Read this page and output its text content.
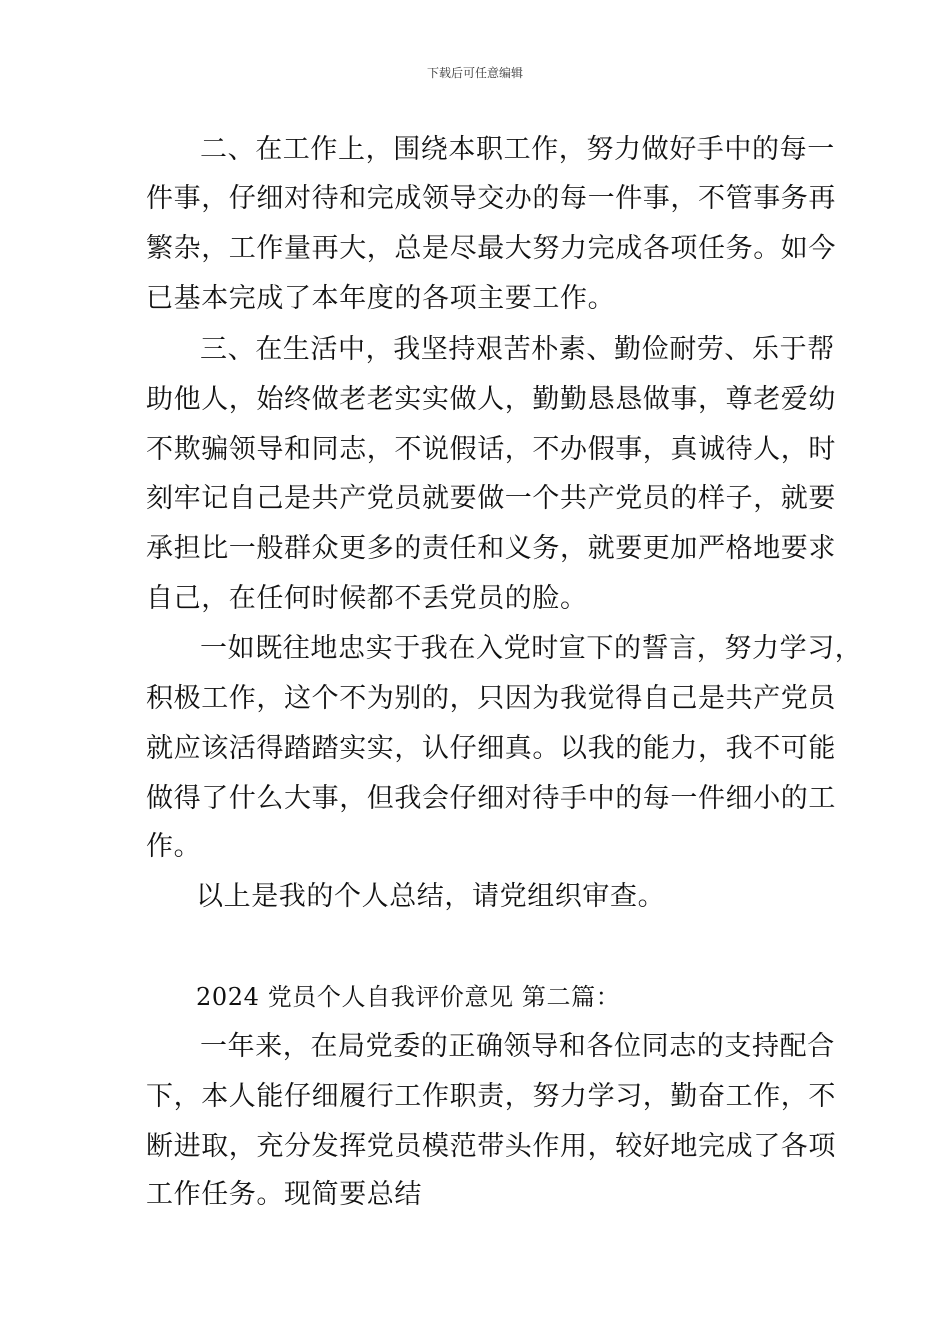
下载后可任意编辑
二、在工作上，围绕本职工作，努力做好手中的每一
件事，仔细对待和完成领导交办的每一件事，不管事务再
繁杂，工作量再大，总是尽最大努力完成各项任务。如今
已基本完成了本年度的各项主要工作。
三、在生活中，我坚持艰苦朴素、勤俭耐劳、乐于帮
助他人，始终做老老实实做人，勤勤恳恳做事，尊老爱幼
不欺骗领导和同志，不说假话，不办假事，真诚待人，时
刻牢记自己是共产党员就要做一个共产党员的样子，就要
承担比一般群众更多的责任和义务，就要更加严格地要求
自己，在任何时候都不丢党员的脸。
一如既往地忠实于我在入党时宣下的誓言，努力学习，
积极工作，这个不为别的，只因为我觉得自己是共产党员
就应该活得踏踏实实，认仔细真。以我的能力，我不可能
做得了什么大事，但我会仔细对待手中的每一件细小的工
作。
以上是我的个人总结，请党组织审查。
2024 党员个人自我评价意见 第二篇：
一年来，在局党委的正确领导和各位同志的支持配合
下，本人能仔细履行工作职责，努力学习，勤奋工作，不
断进取，充分发挥党员模范带头作用，较好地完成了各项
工作任务。现简要总结
